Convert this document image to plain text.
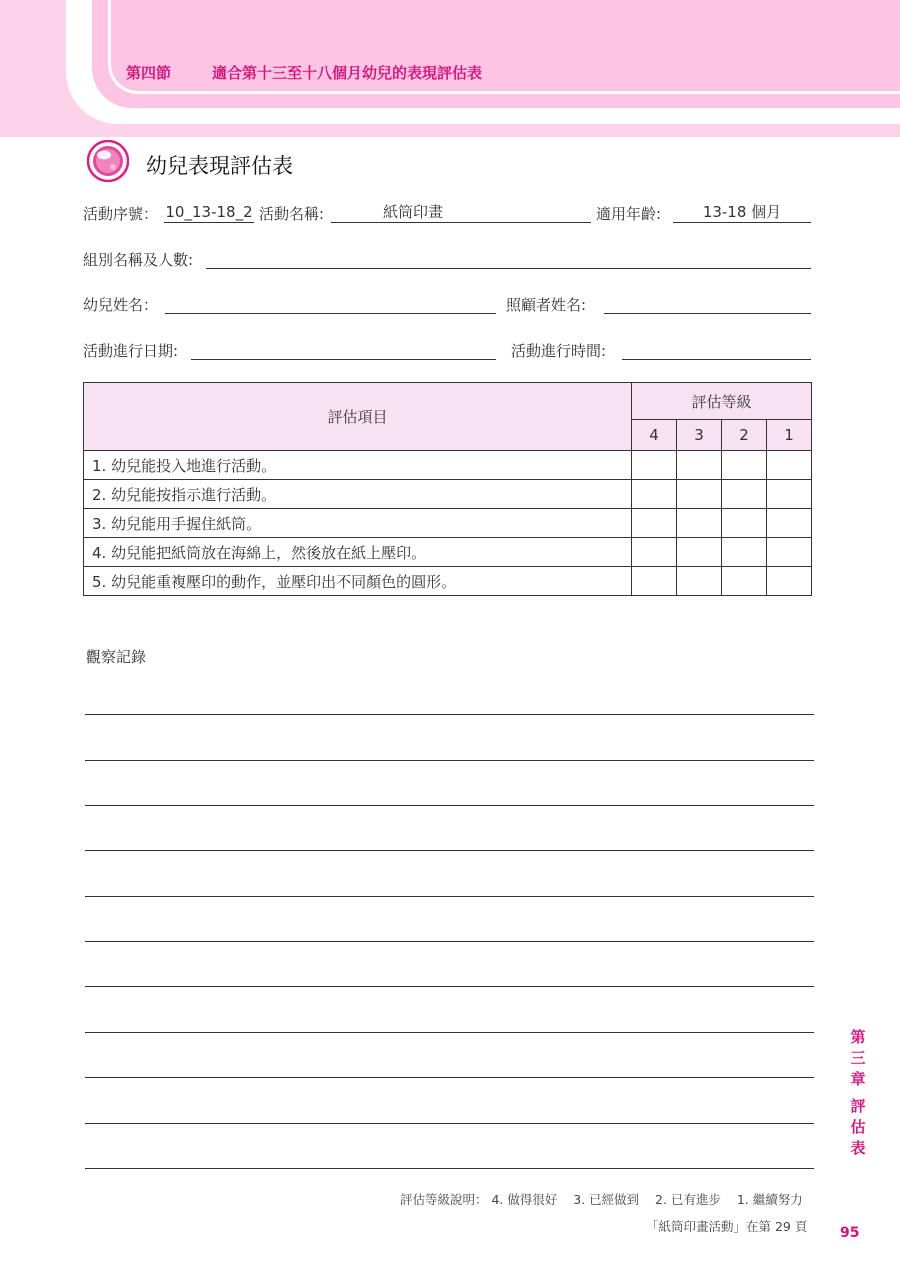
第四節	適合第十三至十八個月幼兒的表現評估表
幼兒表現評估表
活動序號： 10_13-18_2 活動名稱:	紙筒印畫	適用年齡:	13-18 個月
組別名稱及人數:
幼兒姓名：	照顧者姓名:
活動進行日期:	活動進行時間:
評估項目	評估等級			
	4	3	2	1
1. 幼兒能投入地進行活動。				
2. 幼兒能按指示進行活動。				
3. 幼兒能用手握住紙筒。				
4. 幼兒能把紙筒放在海綿上，然後放在紙上壓印。				
5. 幼兒能重複壓印的動作，並壓印出不同顏色的圓形。				
觀察記錄
第
三
章
評
估
表
評估等級說明： 4. 做得很好    3. 已經做到    2. 已有進步    1. 繼續努力
「紙筒印畫活動」在第 29 頁 95
